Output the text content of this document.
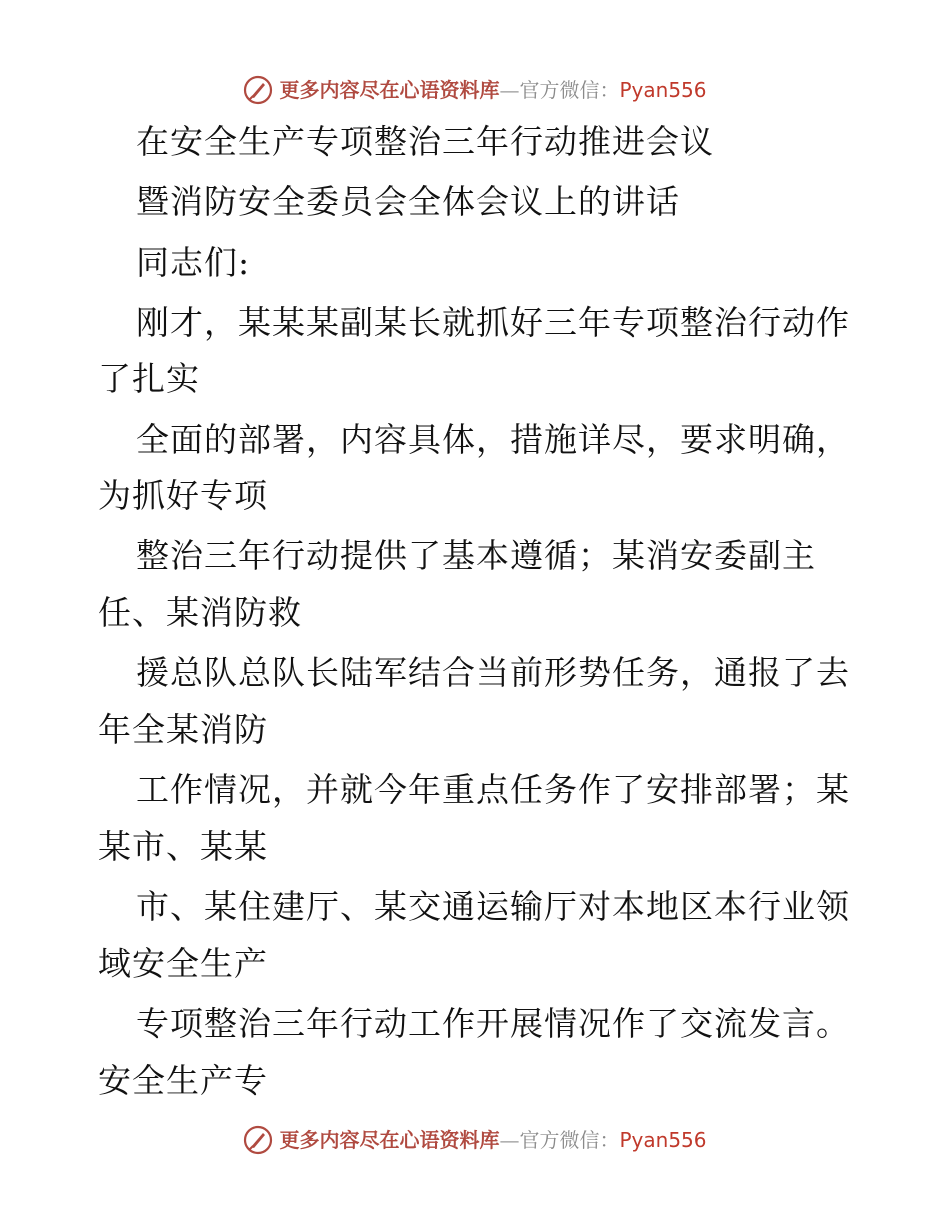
更多内容尽在心语资料库 — 官方微信： Pyan556
在安全生产专项整治三年行动推进会议
暨消防安全委员会全体会议上的讲话
同志们:
刚才，某某某副某长就抓好三年专项整治行动作
了扎实
全面的部署，内容具体，措施详尽，要求明确，
为抓好专项
整治三年行动提供了基本遵循；某消安委副主
任、某消防救
援总队总队长陆军结合当前形势任务，通报了去
年全某消防
工作情况，并就今年重点任务作了安排部署；某
某市、某某
市、某住建厅、某交通运输厅对本地区本行业领
域安全生产
专项整治三年行动工作开展情况作了交流发言。
安全生产专
更多内容尽在心语资料库 — 官方微信： Pyan556
